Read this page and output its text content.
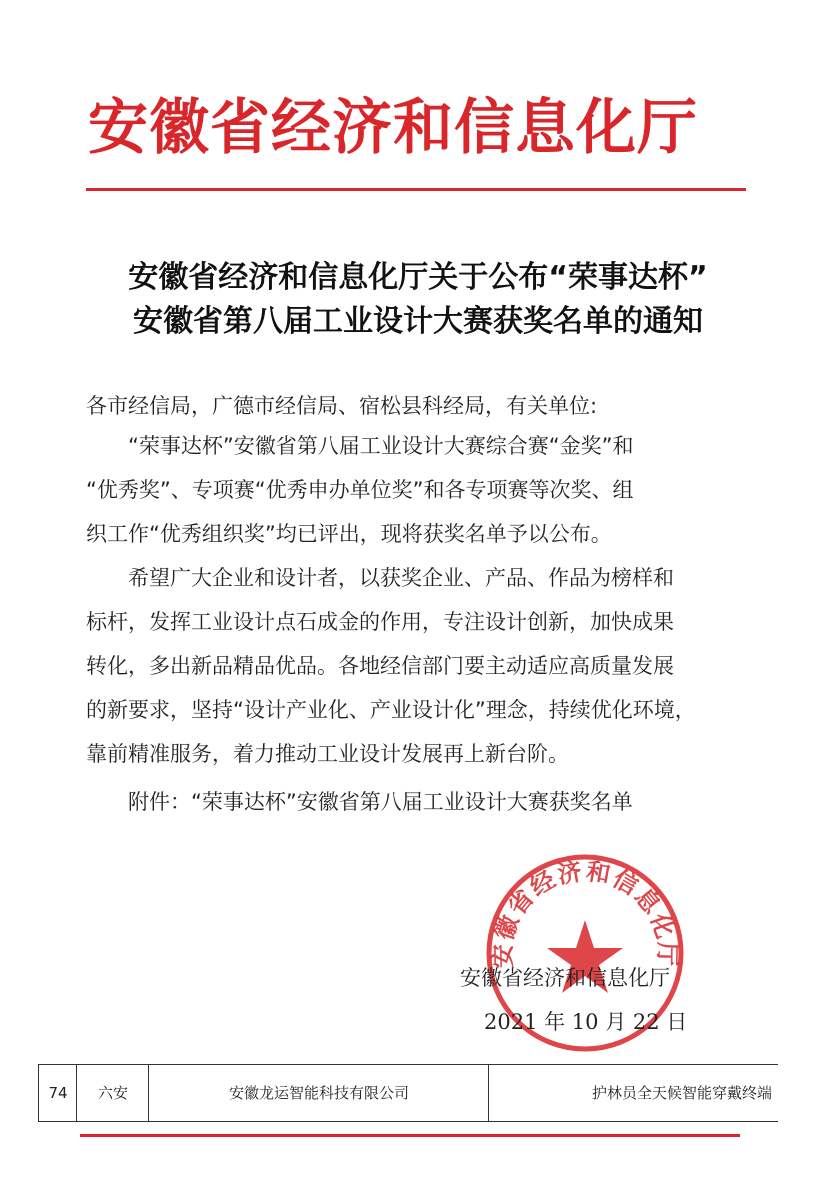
安徽省经济和信息化厅
安徽省经济和信息化厅关于公布“荣事达杯”
安徽省第八届工业设计大赛获奖名单的通知
各市经信局，广德市经信局、宿松县科经局，有关单位:
　　“荣事达杯”安徽省第八届工业设计大赛综合赛“金奖”和
“优秀奖”、专项赛“优秀申办单位奖”和各专项赛等次奖、组
织工作“优秀组织奖”均已评出，现将获奖名单予以公布。
　　希望广大企业和设计者，以获奖企业、产品、作品为榜样和
标杆，发挥工业设计点石成金的作用，专注设计创新，加快成果
转化，多出新品精品优品。各地经信部门要主动适应高质量发展
的新要求，坚持“设计产业化、产业设计化”理念，持续优化环境，
靠前精准服务，着力推动工业设计发展再上新台阶。
　　附件：“荣事达杯”安徽省第八届工业设计大赛获奖名单
安徽省经济和信息化厅
安徽省经济和信息化厅
2021 年 10 月 22 日
74	六安	安徽龙运智能科技有限公司	护林员全天候智能穿戴终端
